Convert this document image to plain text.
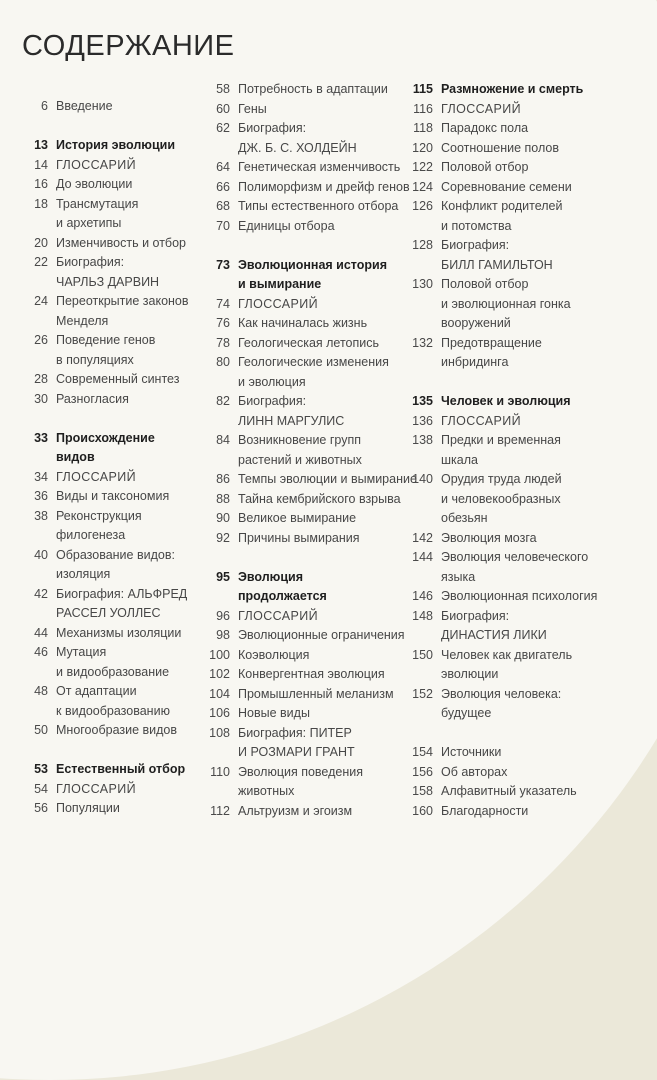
СОДЕРЖАНИЕ
6 Введение
13 История эволюции
14 ГЛОССАРИЙ
16 До эволюции
18 Трансмутация
и архетипы
20 Изменчивость и отбор
22 Биография:
ЧАРЛЬЗ ДАРВИН
24 Переоткрытие законов
Менделя
26 Поведение генов
в популяциях
28 Современный синтез
30 Разногласия
33 Происхождение
видов
34 ГЛОССАРИЙ
36 Виды и таксономия
38 Реконструкция
филогенеза
40 Образование видов:
изоляция
42 Биография: АЛЬФРЕД
РАССЕЛ УОЛЛЕС
44 Механизмы изоляции
46 Мутация
и видообразование
48 От адаптации
к видообразованию
50 Многообразие видов
53 Естественный отбор
54 ГЛОССАРИЙ
56 Популяции
58 Потребность в адаптации
60 Гены
62 Биография:
ДЖ. Б. С. ХОЛДЕЙН
64 Генетическая изменчивость
66 Полиморфизм и дрейф генов
68 Типы естественного отбора
70 Единицы отбора
73 Эволюционная история
и вымирание
74 ГЛОССАРИЙ
76 Как начиналась жизнь
78 Геологическая летопись
80 Геологические изменения
и эволюция
82 Биография:
ЛИНН МАРГУЛИС
84 Возникновение групп
растений и животных
86 Темпы эволюции и вымирание
88 Тайна кембрийского взрыва
90 Великое вымирание
92 Причины вымирания
95 Эволюция
продолжается
96 ГЛОССАРИЙ
98 Эволюционные ограничения
100 Коэволюция
102 Конвергентная эволюция
104 Промышленный меланизм
106 Новые виды
108 Биография: ПИТЕР
И РОЗМАРИ ГРАНТ
110 Эволюция поведения
животных
112 Альтруизм и эгоизм
115 Размножение и смерть
116 ГЛОССАРИЙ
118 Парадокс пола
120 Соотношение полов
122 Половой отбор
124 Соревнование семени
126 Конфликт родителей
и потомства
128 Биография:
БИЛЛ ГАМИЛЬТОН
130 Половой отбор
и эволюционная гонка
вооружений
132 Предотвращение
инбридинга
135 Человек и эволюция
136 ГЛОССАРИЙ
138 Предки и временная
шкала
140 Орудия труда людей
и человекообразных
обезьян
142 Эволюция мозга
144 Эволюция человеческого
языка
146 Эволюционная психология
148 Биография:
ДИНАСТИЯ ЛИКИ
150 Человек как двигатель
эволюции
152 Эволюция человека:
будущее
154 Источники
156 Об авторах
158 Алфавитный указатель
160 Благодарности
